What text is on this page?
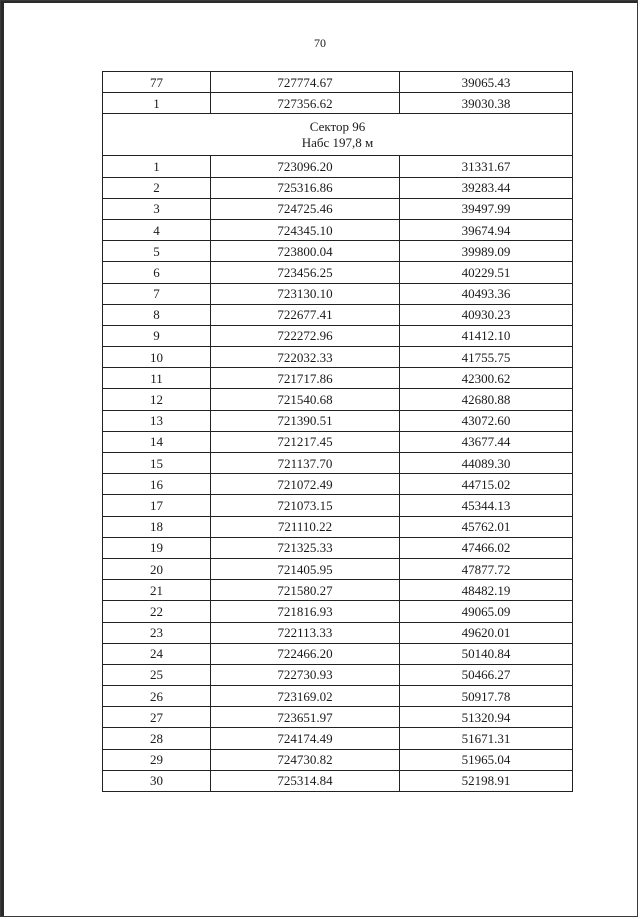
70
77	727774.67	39065.43
1	727356.62	39030.38

Сектор 96
Набс 197,8 м		

1	723096.20	31331.67
2	725316.86	39283.44
3	724725.46	39497.99
4	724345.10	39674.94
5	723800.04	39989.09
6	723456.25	40229.51
7	723130.10	40493.36
8	722677.41	40930.23
9	722272.96	41412.10
10	722032.33	41755.75
11	721717.86	42300.62
12	721540.68	42680.88
13	721390.51	43072.60
14	721217.45	43677.44
15	721137.70	44089.30
16	721072.49	44715.02
17	721073.15	45344.13
18	721110.22	45762.01
19	721325.33	47466.02
20	721405.95	47877.72
21	721580.27	48482.19
22	721816.93	49065.09
23	722113.33	49620.01
24	722466.20	50140.84
25	722730.93	50466.27
26	723169.02	50917.78
27	723651.97	51320.94
28	724174.49	51671.31
29	724730.82	51965.04
30	725314.84	52198.91
